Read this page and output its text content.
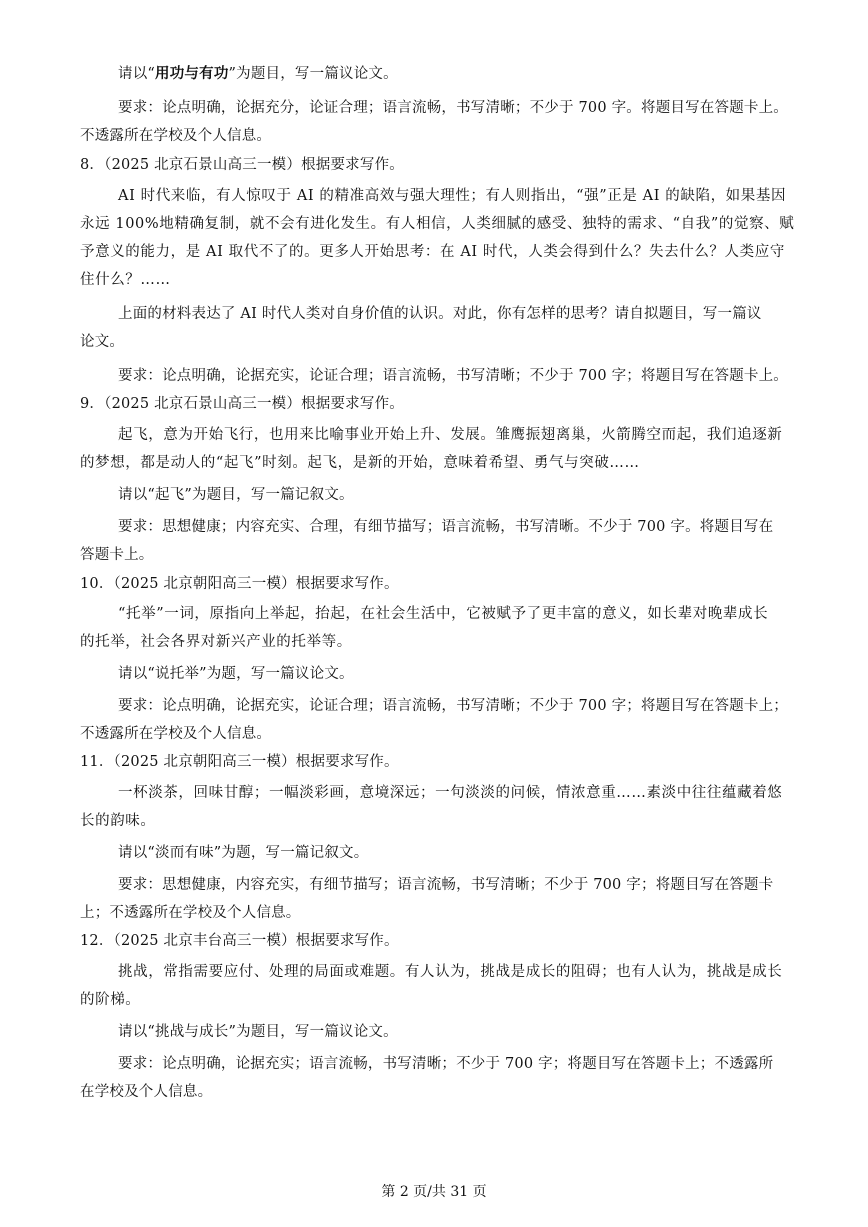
请以“用功与有功”为题目，写一篇议论文。
要求：论点明确，论据充分，论证合理；语言流畅，书写清晰；不少于 700 字。将题目写在答题卡上。
不透露所在学校及个人信息。
8．（2025 北京石景山高三一模）根据要求写作。
AI 时代来临，有人惊叹于 AI 的精准高效与强大理性；有人则指出，“强”正是 AI 的缺陷，如果基因
永远 100%地精确复制，就不会有进化发生。有人相信，人类细腻的感受、独特的需求、“自我”的觉察、赋
予意义的能力，是 AI 取代不了的。更多人开始思考：在 AI 时代，人类会得到什么？失去什么？人类应守
住什么？……
上面的材料表达了 AI 时代人类对自身价值的认识。对此，你有怎样的思考？请自拟题目，写一篇议
论文。
要求：论点明确，论据充实，论证合理；语言流畅，书写清晰；不少于 700 字；将题目写在答题卡上。
9．（2025 北京石景山高三一模）根据要求写作。
起飞，意为开始飞行，也用来比喻事业开始上升、发展。雏鹰振翅离巢，火箭腾空而起，我们追逐新
的梦想，都是动人的“起飞”时刻。起飞，是新的开始，意味着希望、勇气与突破……
请以“起飞”为题目，写一篇记叙文。
要求：思想健康；内容充实、合理，有细节描写；语言流畅，书写清晰。不少于 700 字。将题目写在
答题卡上。
10．（2025 北京朝阳高三一模）根据要求写作。
“托举”一词，原指向上举起，抬起，在社会生活中，它被赋予了更丰富的意义，如长辈对晚辈成长
的托举，社会各界对新兴产业的托举等。
请以“说托举”为题，写一篇议论文。
要求：论点明确，论据充实，论证合理；语言流畅，书写清晰；不少于 700 字；将题目写在答题卡上；
不透露所在学校及个人信息。
11．（2025 北京朝阳高三一模）根据要求写作。
一杯淡茶，回味甘醇；一幅淡彩画，意境深远；一句淡淡的问候，情浓意重……素淡中往往蕴藏着悠
长的韵味。
请以“淡而有味”为题，写一篇记叙文。
要求：思想健康，内容充实，有细节描写；语言流畅，书写清晰；不少于 700 字；将题目写在答题卡
上；不透露所在学校及个人信息。
12．（2025 北京丰台高三一模）根据要求写作。
挑战，常指需要应付、处理的局面或难题。有人认为，挑战是成长的阻碍；也有人认为，挑战是成长
的阶梯。
请以“挑战与成长”为题目，写一篇议论文。
要求：论点明确，论据充实；语言流畅，书写清晰；不少于 700 字；将题目写在答题卡上；不透露所
在学校及个人信息。
第 2 页/共 31 页
